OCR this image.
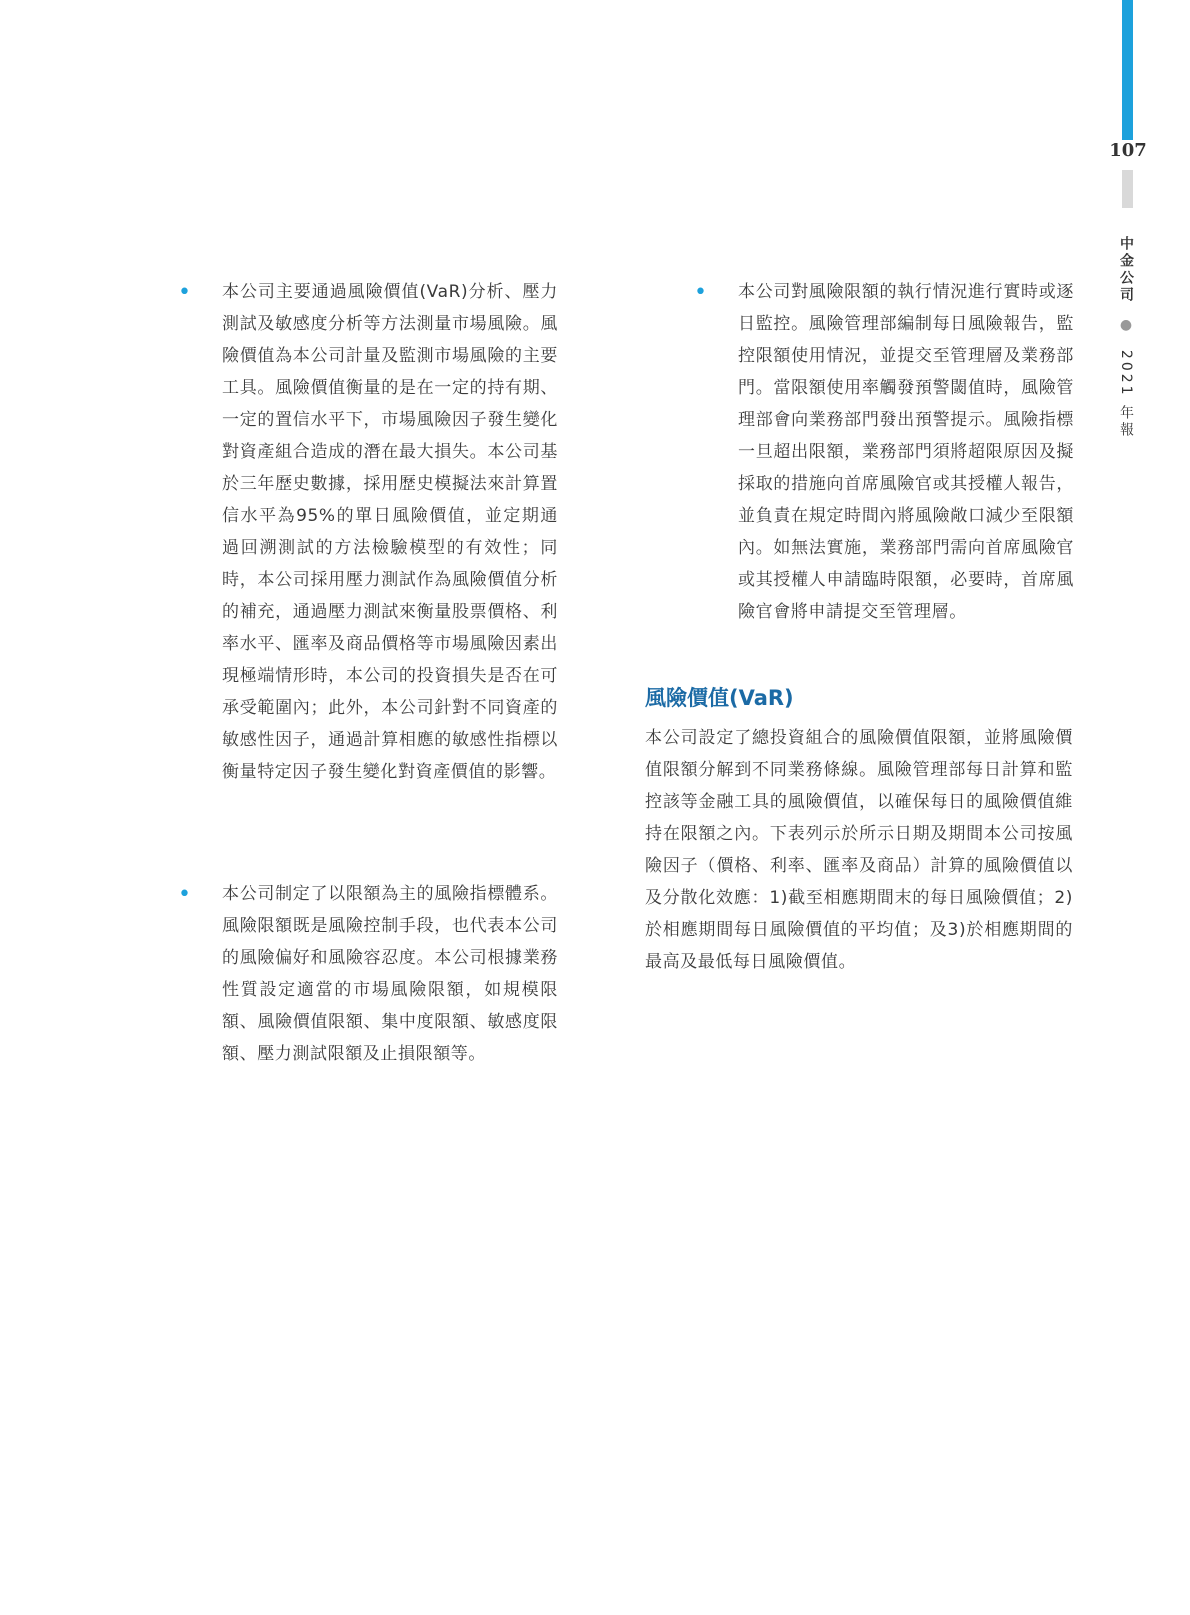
107
中金公司 ● 2021 年報
• 本公司主要通過風險價值(VaR)分析、壓力測試及敏感度分析等方法測量市場風險。風險價值為本公司計量及監測市場風險的主要工具。風險價值衡量的是在一定的持有期、一定的置信水平下，市場風險因子發生變化對資產組合造成的潛在最大損失。本公司基於三年歷史數據，採用歷史模擬法來計算置信水平為95%的單日風險價值，並定期通過回溯測試的方法檢驗模型的有效性；同時，本公司採用壓力測試作為風險價值分析的補充，通過壓力測試來衡量股票價格、利率水平、匯率及商品價格等市場風險因素出現極端情形時，本公司的投資損失是否在可承受範圍內；此外，本公司針對不同資產的敏感性因子，通過計算相應的敏感性指標以衡量特定因子發生變化對資產價值的影響。

• 本公司制定了以限額為主的風險指標體系。風險限額既是風險控制手段，也代表本公司的風險偏好和風險容忍度。本公司根據業務性質設定適當的市場風險限額，如規模限額、風險價值限額、集中度限額、敏感度限額、壓力測試限額及止損限額等。

• 本公司對風險限額的執行情況進行實時或逐日監控。風險管理部編制每日風險報告，監控限額使用情況，並提交至管理層及業務部門。當限額使用率觸發預警閾值時，風險管理部會向業務部門發出預警提示。風險指標一旦超出限額，業務部門須將超限原因及擬採取的措施向首席風險官或其授權人報告，並負責在規定時間內將風險敞口減少至限額內。如無法實施，業務部門需向首席風險官或其授權人申請臨時限額，必要時，首席風險官會將申請提交至管理層。

風險價值(VaR)

本公司設定了總投資組合的風險價值限額，並將風險價值限額分解到不同業務條線。風險管理部每日計算和監控該等金融工具的風險價值，以確保每日的風險價值維持在限額之內。下表列示於所示日期及期間本公司按風險因子（價格、利率、匯率及商品）計算的風險價值以及分散化效應：1)截至相應期間末的每日風險價值；2)於相應期間每日風險價值的平均值；及3)於相應期間的最高及最低每日風險價值。
